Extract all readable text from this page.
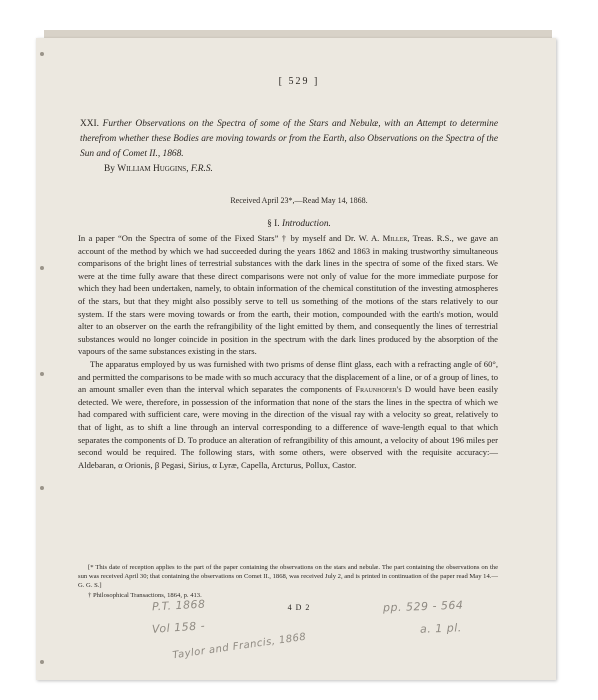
[ 529 ]
XXI. Further Observations on the Spectra of some of the Stars and Nebulæ, with an Attempt to determine therefrom whether these Bodies are moving towards or from the Earth, also Observations on the Spectra of the Sun and of Comet II., 1868.
By William Huggins, F.R.S.
Received April 23*,—Read May 14, 1868.
§ I. Introduction.

In a paper “On the Spectra of some of the Fixed Stars” † by myself and Dr. W. A. Miller, Treas. R.S., we gave an account of the method by which we had succeeded during the years 1862 and 1863 in making trustworthy simultaneous comparisons of the bright lines of terrestrial substances with the dark lines in the spectra of some of the fixed stars. We were at the time fully aware that these direct comparisons were not only of value for the more immediate purpose for which they had been undertaken, namely, to obtain information of the chemical constitution of the investing atmospheres of the stars, but that they might also possibly serve to tell us something of the motions of the stars relatively to our system. If the stars were moving towards or from the earth, their motion, compounded with the earth's motion, would alter to an observer on the earth the refrangibility of the light emitted by them, and consequently the lines of terrestrial substances would no longer coincide in position in the spectrum with the dark lines produced by the absorption of the vapours of the same substances existing in the stars.

The apparatus employed by us was furnished with two prisms of dense flint glass, each with a refracting angle of 60°, and permitted the comparisons to be made with so much accuracy that the displacement of a line, or of a group of lines, to an amount smaller even than the interval which separates the components of Fraunhofer's D would have been easily detected. We were, therefore, in possession of the information that none of the stars the lines in the spectra of which we had compared with sufficient care, were moving in the direction of the visual ray with a velocity so great, relatively to that of light, as to shift a line through an interval corresponding to a difference of wave-length equal to that which separates the components of D. To produce an alteration of refrangibility of this amount, a velocity of about 196 miles per second would be required. The following stars, with some others, were observed with the requisite accuracy:—Aldebaran, α Orionis, β Pegasi, Sirius, α Lyræ, Capella, Arcturus, Pollux, Castor.

[* This date of reception applies to the part of the paper containing the observations on the stars and nebulæ. The part containing the observations on the sun was received April 30; that containing the observations on Comet II., 1868, was received July 2, and is printed in continuation of the paper read May 14.—G. G. S.]

† Philosophical Transactions, 1864, p. 413.

4 D 2
P.T. 1868
Vol 158 -
Taylor and Francis, 1868
pp. 529 - 564
a. 1 pl.
